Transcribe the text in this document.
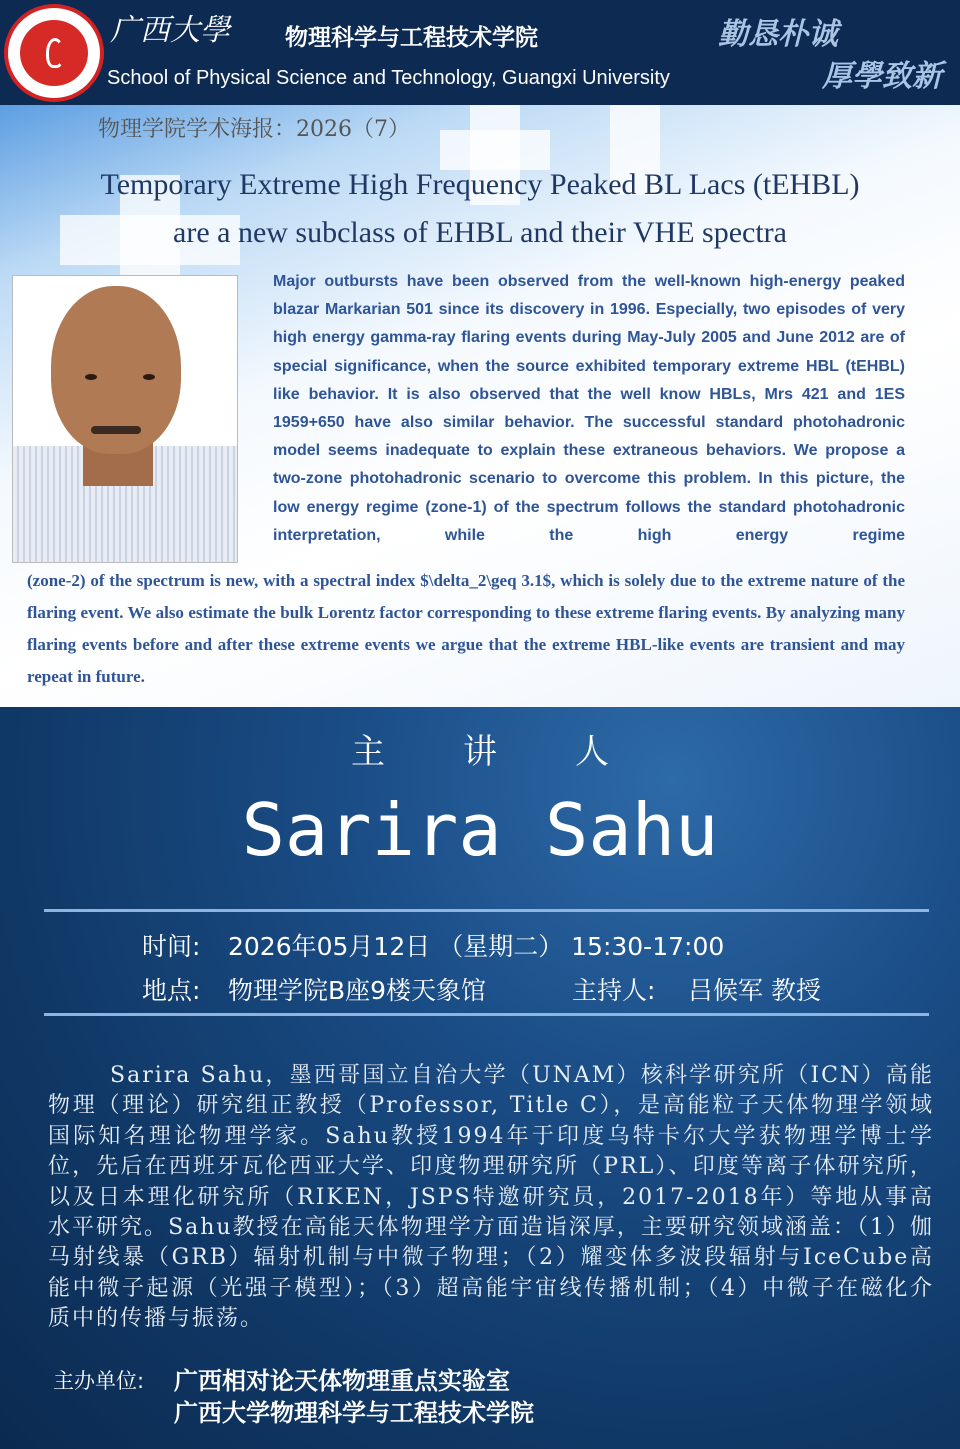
广西大學 物理科学与工程技术学院
School of Physical Science and Technology, Guangxi University
勤恳朴诚
厚學致新
物理学院学术海报：2026（7）
Temporary Extreme High Frequency Peaked BL Lacs (tEHBL)
are a new subclass of EHBL and their VHE spectra
Major outbursts have been observed from the well-known high-energy peaked blazar Markarian 501 since its discovery in 1996. Especially, two episodes of very high energy gamma-ray flaring events during May-July 2005 and June 2012 are of special significance, when the source exhibited temporary extreme HBL (tEHBL) like behavior. It is also observed that the well know HBLs, Mrs 421 and 1ES 1959+650 have also similar behavior. The successful standard photohadronic model seems inadequate to explain these extraneous behaviors. We propose a two-zone photohadronic scenario to overcome this problem. In this picture, the low energy regime (zone-1) of the spectrum follows the standard photohadronic interpretation, while the high energy regime
(zone-2) of the spectrum is new, with a spectral index $\delta_2\geq 3.1$, which is solely due to the extreme nature of the flaring event. We also estimate the bulk Lorentz factor corresponding to these extreme flaring events. By analyzing many flaring events before and after these extreme events we argue that the extreme HBL-like events are transient and may repeat in future.
主讲人
Sarira Sahu
时间: 2026年05月12日 （星期二） 15:30-17:00
地点: 物理学院B座9楼天象馆	主持人: 吕候军 教授
Sarira Sahu，墨西哥国立自治大学（UNAM）核科学研究所（ICN）高能物理（理论）研究组正教授（Professor, Title C），是高能粒子天体物理学领域国际知名理论物理学家。Sahu教授1994年于印度乌特卡尔大学获物理学博士学位，先后在西班牙瓦伦西亚大学、印度物理研究所（PRL）、印度等离子体研究所，以及日本理化研究所（RIKEN，JSPS特邀研究员，2017-2018年）等地从事高水平研究。Sahu教授在高能天体物理学方面造诣深厚，主要研究领域涵盖：（1）伽马射线暴（GRB）辐射机制与中微子物理；（2）耀变体多波段辐射与IceCube高能中微子起源（光强子模型）；（3）超高能宇宙线传播机制；（4）中微子在磁化介质中的传播与振荡。
主办单位:	广西相对论天体物理重点实验室
广西大学物理科学与工程技术学院
